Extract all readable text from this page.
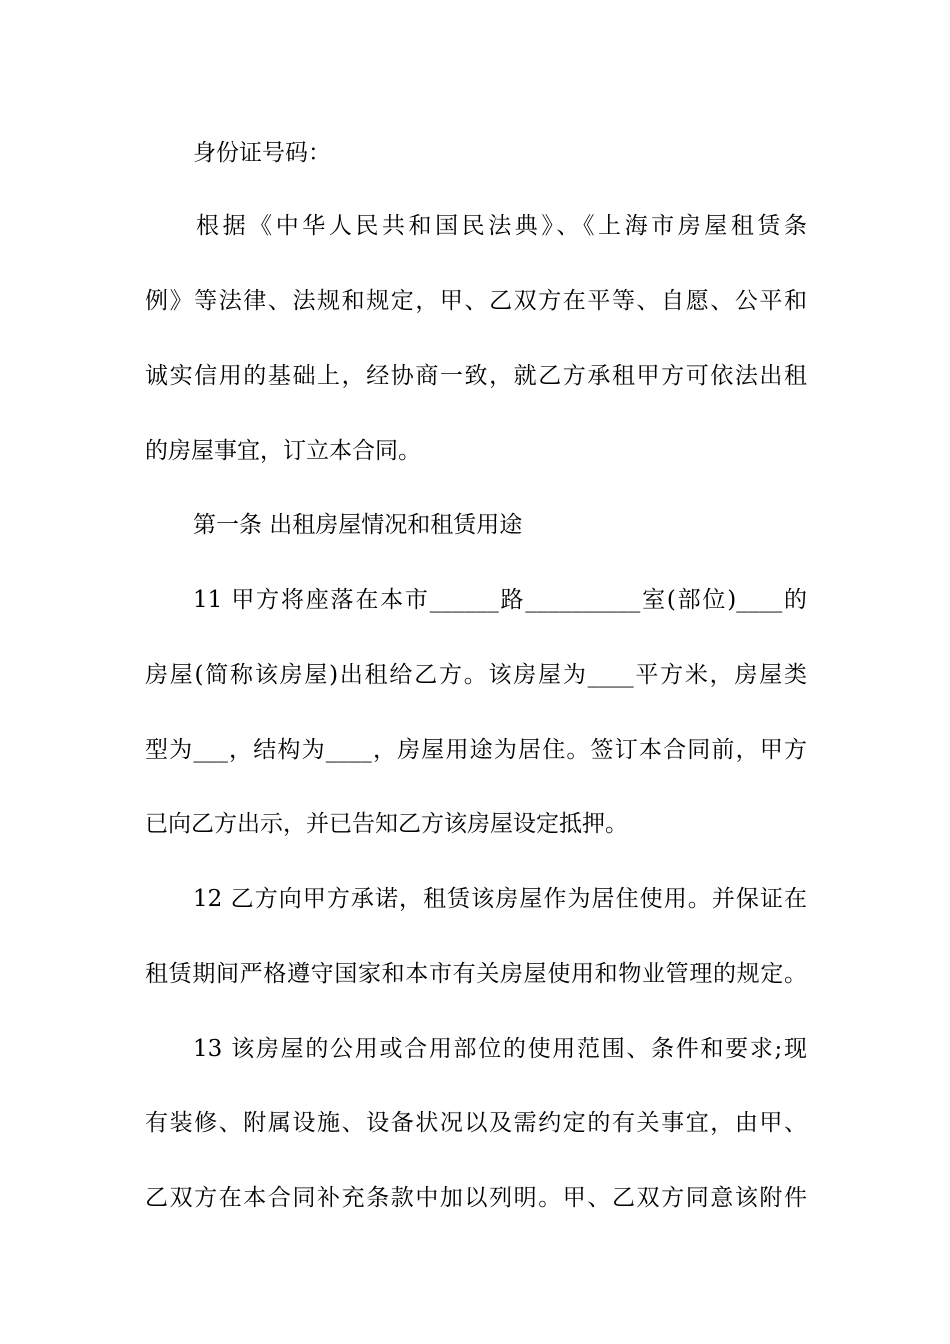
身份证号码：
根据《中华人民共和国民法典》、《上海市房屋租赁条
例》等法律、法规和规定，甲、乙双方在平等、自愿、公平和
诚实信用的基础上，经协商一致，就乙方承租甲方可依法出租
的房屋事宜，订立本合同。
第一条 出租房屋情况和租赁用途
11 甲方将座落在本市______路__________室(部位)____的
房屋(简称该房屋)出租给乙方。该房屋为____平方米，房屋类
型为___，结构为____，房屋用途为居住。签订本合同前，甲方
已向乙方出示，并已告知乙方该房屋设定抵押。
12 乙方向甲方承诺，租赁该房屋作为居住使用。并保证在
租赁期间严格遵守国家和本市有关房屋使用和物业管理的规定。
13 该房屋的公用或合用部位的使用范围、条件和要求;现
有装修、附属设施、设备状况以及需约定的有关事宜，由甲、
乙双方在本合同补充条款中加以列明。甲、乙双方同意该附件
